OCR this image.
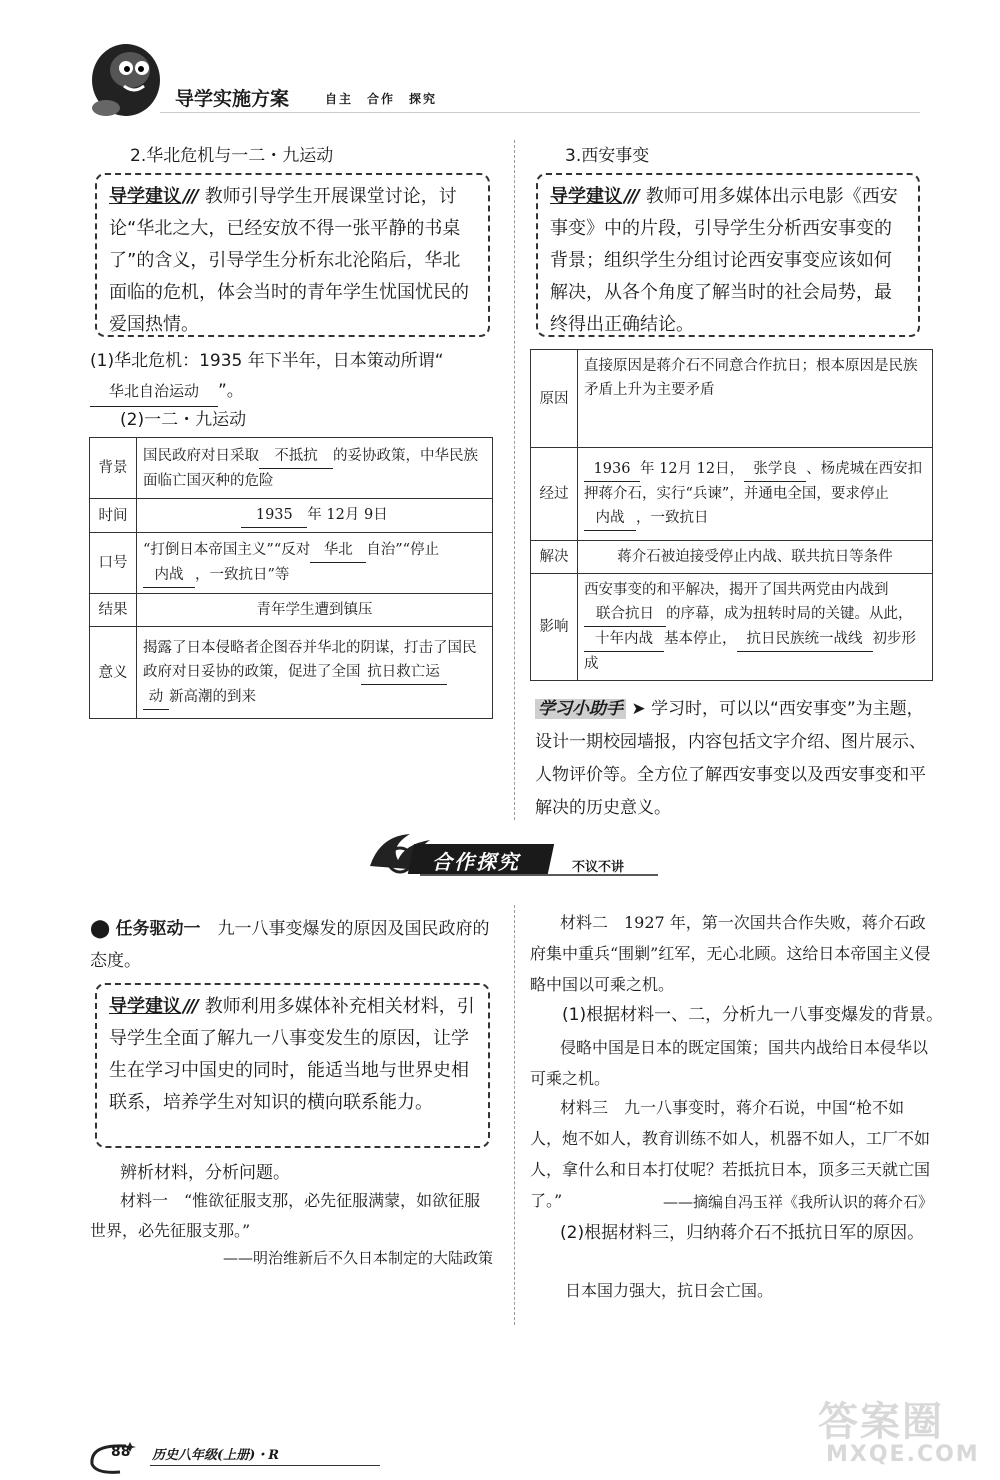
导学实施方案	自主　合作　探究
2.华北危机与一二・九运动
导学建议 /// 教师引导学生开展课堂讨论，讨论“华北之大，已经安放不得一张平静的书桌了”的含义，引导学生分析东北沦陷后，华北面临的危机，体会当时的青年学生忧国忧民的爱国热情。
(1)华北危机：1935 年下半年，日本策动所谓“华北自治运动 ”。
(2)一二・九运动
背景	国民政府对日采取 不抵抗 的妥协政策，中华民族面临亡国灭种的危险
时间	1935 年 12月 9日
口号	“打倒日本帝国主义”“反对 华北 自治”“停止内战 ，一致抗日”等
结果	青年学生遭到镇压
意义	揭露了日本侵略者企图吞并华北的阴谋，打击了国民政府对日妥协的政策，促进了全国 抗日救亡运
动 新高潮的到来
3.西安事变
导学建议 /// 教师可用多媒体出示电影《西安事变》中的片段，引导学生分析西安事变的背景；组织学生分组讨论西安事变应该如何解决，从各个角度了解当时的社会局势，最终得出正确结论。
原因	直接原因是蒋介石不同意合作抗日；根本原因是民族矛盾上升为主要矛盾
经过	1936 年 12月 12日， 张学良 、杨虎城在西安扣押蒋介石，实行“兵谏”，并通电全国，要求停止内战 ，一致抗日
解决	蒋介石被迫接受停止内战、联共抗日等条件
影响	西安事变的和平解决，揭开了国共两党由内战到联合抗日 的序幕，成为扭转时局的关键。从此，十年内战 基本停止， 抗日民族统一战线 初步形成
学习小助手 ➤ 学习时，可以以“西安事变”为主题，设计一期校园墙报，内容包括文字介绍、图片展示、人物评价等。全方位了解西安事变以及西安事变和平解决的历史意义。
合作探究	不议不讲
⬤ 任务驱动一　 九一八事变爆发的原因及国民政府的态度。
导学建议 /// 教师利用多媒体补充相关材料，引导学生全面了解九一八事变发生的原因，让学生在学习中国史的同时，能适当地与世界史相联系，培养学生对知识的横向联系能力。
辨析材料，分析问题。
材料一　“惟欲征服支那，必先征服满蒙，如欲征服世界，必先征服支那。”
——明治维新后不久日本制定的大陆政策
材料二　1927 年，第一次国共合作失败，蒋介石政府集中重兵“围剿”红军，无心北顾。这给日本帝国主义侵略中国以可乘之机。
(1)根据材料一、二，分析九一八事变爆发的背景。
侵略中国是日本的既定国策；国共内战给日本侵华以可乘之机。
材料三　九一八事变时，蒋介石说，中国“枪不如人，炮不如人，教育训练不如人，机器不如人，工厂不如人，拿什么和日本打仗呢？若抵抗日本，顶多三天就亡国了。”	——摘编自冯玉祥《我所认识的蒋介石》
(2)根据材料三，归纳蒋介石不抵抗日军的原因。
日本国力强大，抗日会亡国。
88 历史八年级(上册)・R
答案圈
MXQE.COM
